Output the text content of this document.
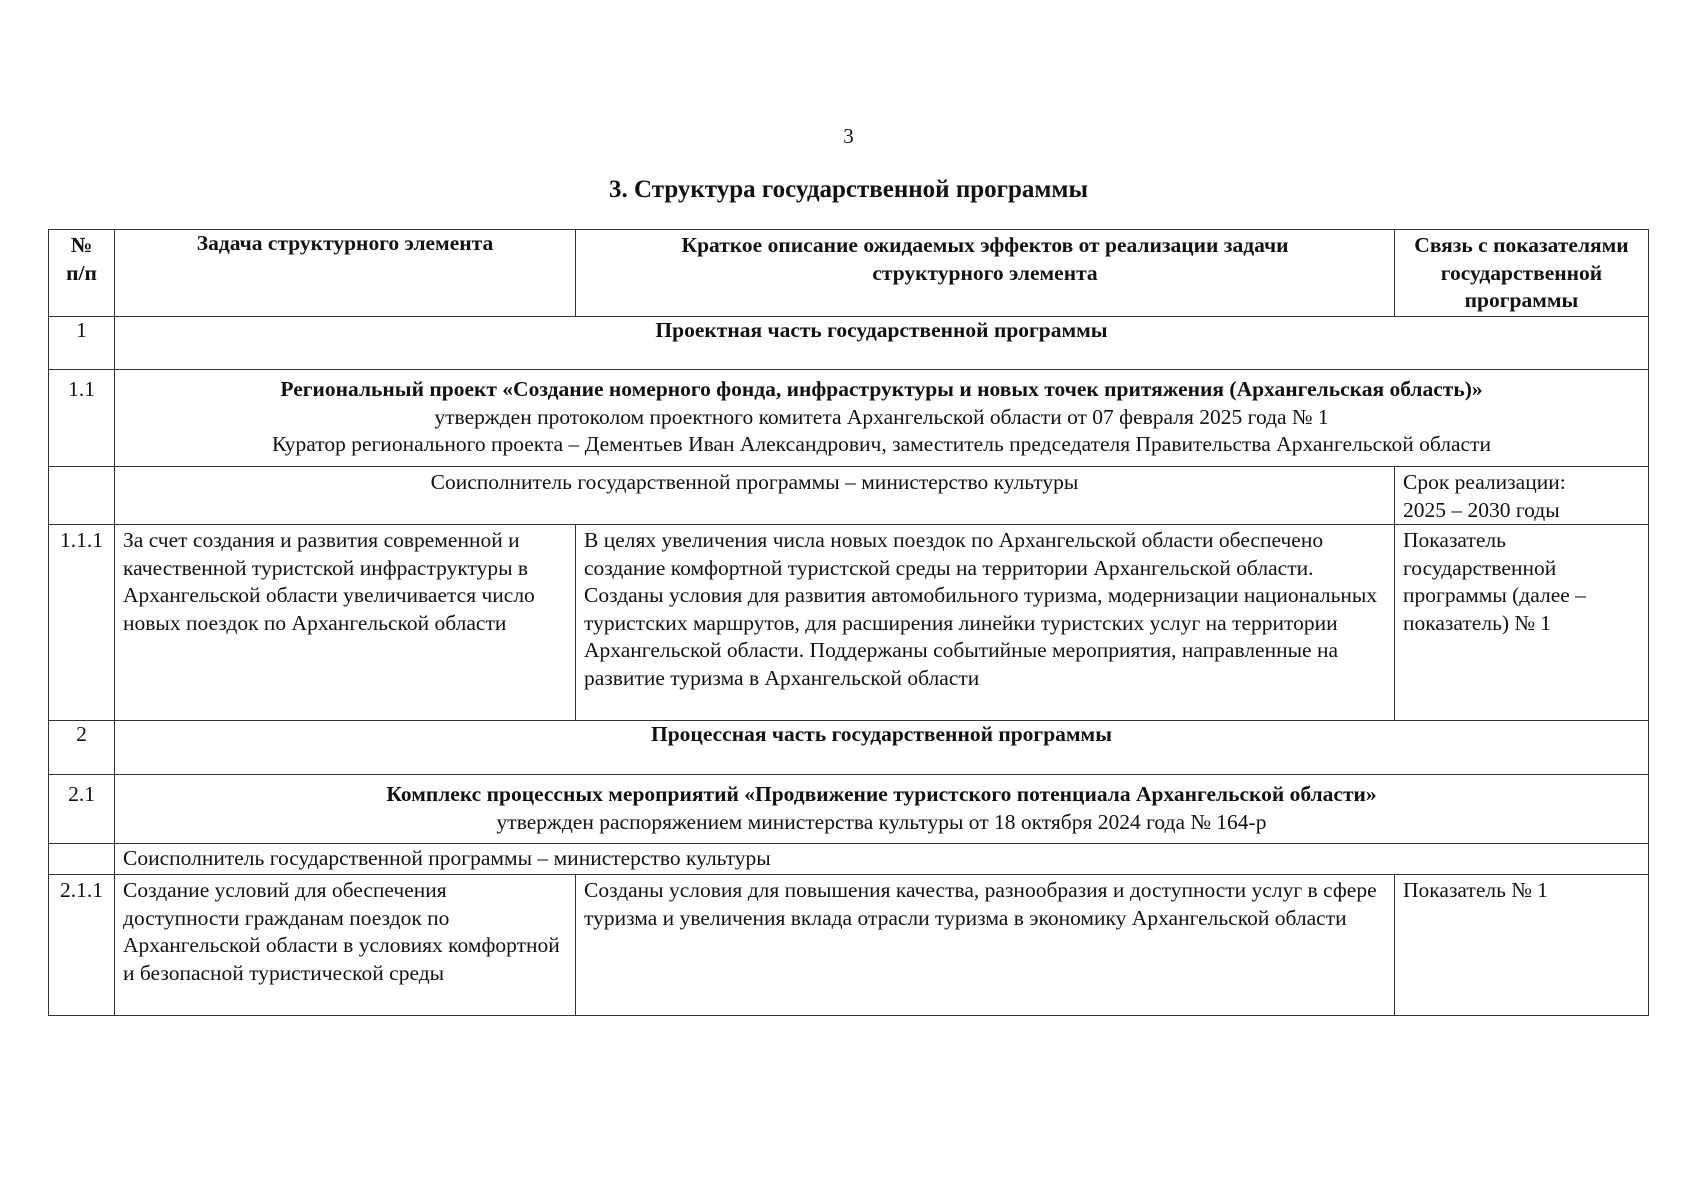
3
3. Структура государственной программы
№ п/п	Задача структурного элемента	Краткое описание ожидаемых эффектов от реализации задачи структурного элемента	Связь с показателями государственной программы
1	Проектная часть государственной программы		
1.1	Региональный проект «Создание номерного фонда, инфраструктуры и новых точек притяжения (Архангельская область)»
утвержден протоколом проектного комитета Архангельской области от 07 февраля 2025 года № 1
Куратор регионального проекта – Дементьев Иван Александрович, заместитель председателя Правительства Архангельской области		

	Соисполнитель государственной программы – министерство культуры		Срок реализации:
2025 – 2030 годы

1.1.1	За счет создания и развития современной и качественной туристской инфраструктуры в Архангельской области увеличивается число новых поездок по Архангельской области	В целях увеличения числа новых поездок по Архангельской области обеспечено создание комфортной туристской среды на территории Архангельской области.
Созданы условия для развития автомобильного туризма, модернизации национальных туристских маршрутов, для расширения линейки туристских услуг на территории Архангельской области. Поддержаны событийные мероприятия, направленные на развитие туризма в Архангельской области	Показатель государственной программы (далее – показатель) № 1
2	Процессная часть государственной программы		
2.1	Комплекс процессных мероприятий «Продвижение туристского потенциала Архангельской области»
утвержден распоряжением министерства культуры от 18 октября 2024 года № 164-р		

	Соисполнитель государственной программы – министерство культуры		
2.1.1	Создание условий для обеспечения доступности гражданам поездок по Архангельской области в условиях комфортной и безопасной туристической среды	Созданы условия для повышения качества, разнообразия и доступности услуг в сфере туризма и увеличения вклада отрасли туризма в экономику Архангельской области	Показатель № 1
